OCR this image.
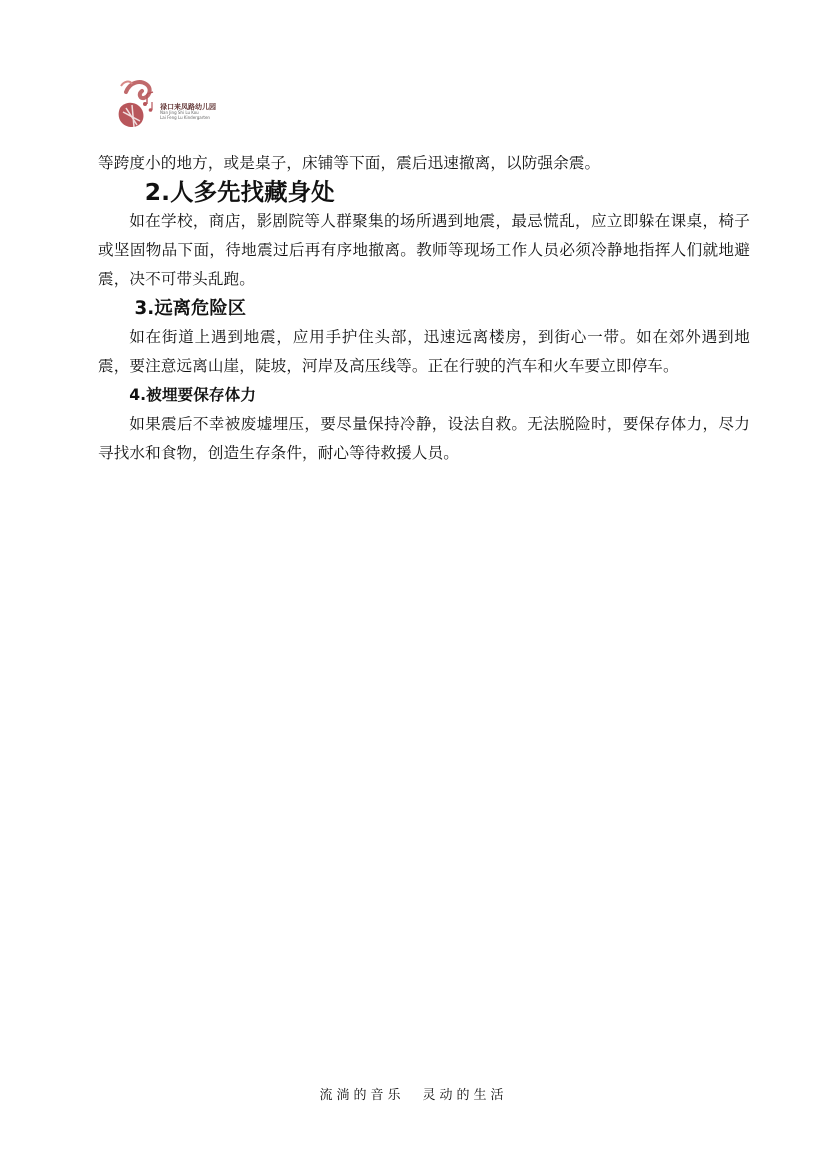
禄口来凤路幼儿园
Nan Jing Shi Lu Kou
Lai Feng Lu Kindergarten

等跨度小的地方，或是桌子，床铺等下面，震后迅速撤离，以防强余震。

2.人多先找藏身处

如在学校，商店，影剧院等人群聚集的场所遇到地震，最忌慌乱，应立即躲在课桌，椅子或坚固物品下面，待地震过后再有序地撤离。教师等现场工作人员必须冷静地指挥人们就地避震，决不可带头乱跑。

3.远离危险区

如在街道上遇到地震，应用手护住头部，迅速远离楼房，到街心一带。如在郊外遇到地震，要注意远离山崖，陡坡，河岸及高压线等。正在行驶的汽车和火车要立即停车。

4.被埋要保存体力

如果震后不幸被废墟埋压，要尽量保持冷静，设法自救。无法脱险时，要保存体力，尽力寻找水和食物，创造生存条件，耐心等待救援人员。

流淌的音乐 灵动的生活
